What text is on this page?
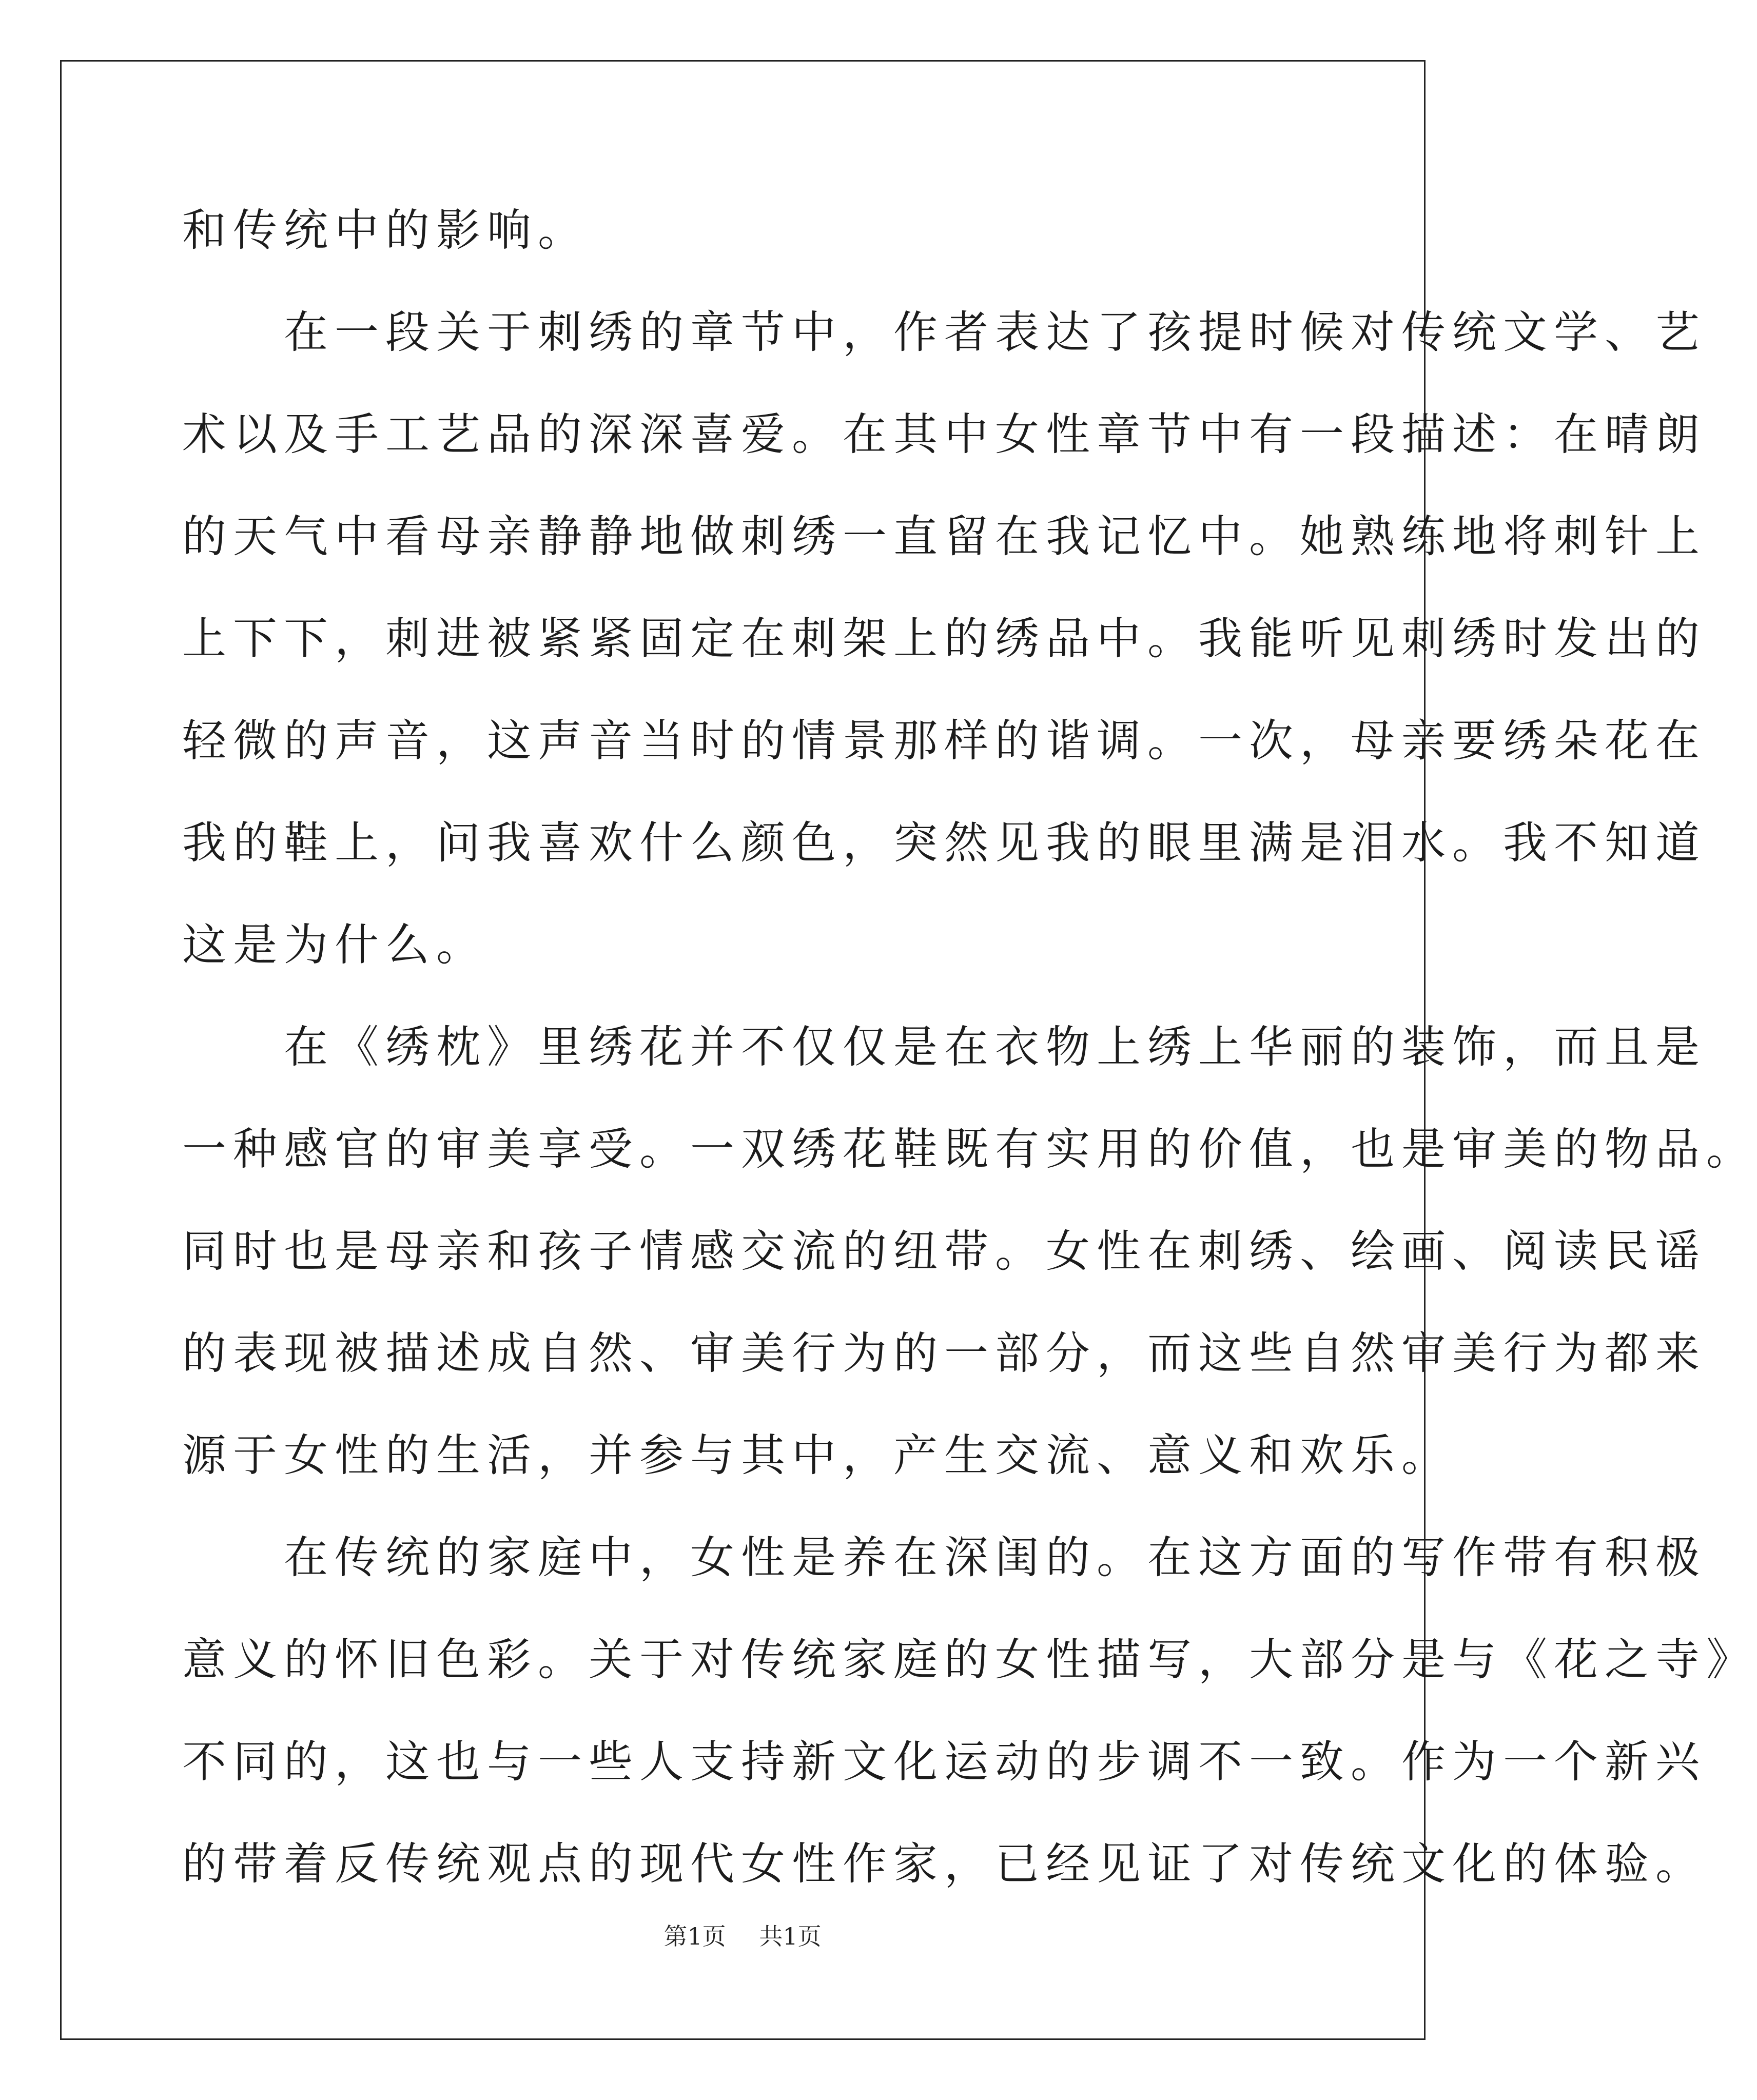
和传统中的影响。

　　在一段关于刺绣的章节中，作者表达了孩提时候对传统文学、艺

术以及手工艺品的深深喜爱。在其中女性章节中有一段描述：在晴朗

的天气中看母亲静静地做刺绣一直留在我记忆中。她熟练地将刺针上

上下下，刺进被紧紧固定在刺架上的绣品中。我能听见刺绣时发出的

轻微的声音，这声音当时的情景那样的谐调。一次，母亲要绣朵花在

我的鞋上，问我喜欢什么颜色，突然见我的眼里满是泪水。我不知道

这是为什么。

　　在《绣枕》里绣花并不仅仅是在衣物上绣上华丽的装饰，而且是

一种感官的审美享受。一双绣花鞋既有实用的价值，也是审美的物品。

同时也是母亲和孩子情感交流的纽带。女性在刺绣、绘画、阅读民谣

的表现被描述成自然、审美行为的一部分，而这些自然审美行为都来

源于女性的生活，并参与其中，产生交流、意义和欢乐。

　　在传统的家庭中，女性是养在深闺的。在这方面的写作带有积极

意义的怀旧色彩。关于对传统家庭的女性描写，大部分是与《花之寺》

不同的，这也与一些人支持新文化运动的步调不一致。作为一个新兴

的带着反传统观点的现代女性作家，已经见证了对传统文化的体验。

第1页 共1页
